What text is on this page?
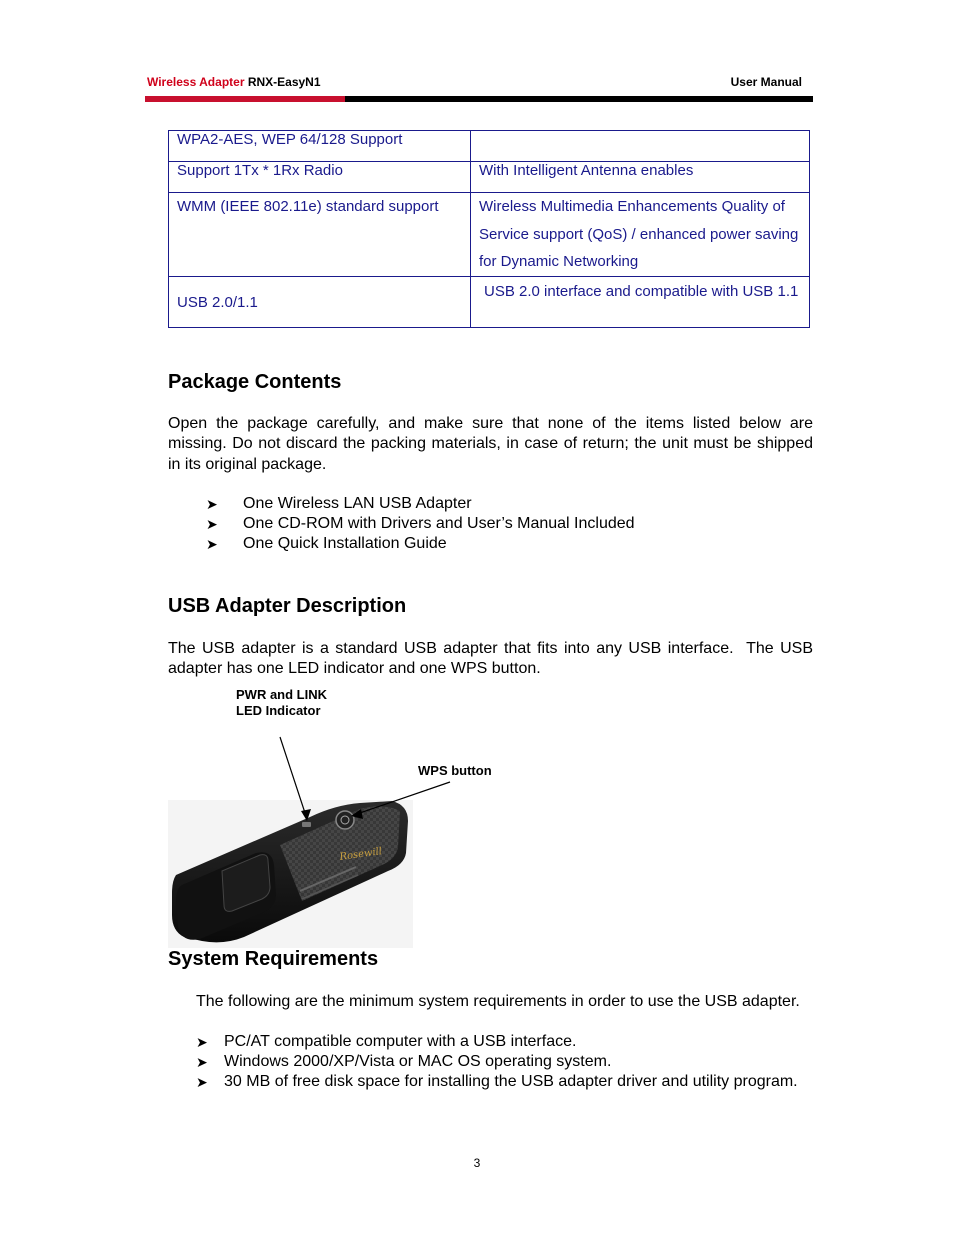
Wireless Adapter RNX-EasyN1	User Manual
WPA2-AES, WEP 64/128 Support	
Support 1Tx * 1Rx Radio	With Intelligent Antenna enables
WMM (IEEE 802.11e) standard support	Wireless Multimedia Enhancements Quality of Service support (QoS) / enhanced power saving for Dynamic Networking
USB 2.0/1.1	USB 2.0 interface and compatible with USB 1.1
Package Contents

Open the package carefully, and make sure that none of the items listed below are missing. Do not discard the packing materials, in case of return; the unit must be shipped in its original package.

➤ One Wireless LAN USB Adapter
➤ One CD-ROM with Drivers and User’s Manual Included
➤ One Quick Installation Guide
USB Adapter Description

The USB adapter is a standard USB adapter that fits into any USB interface.  The USB adapter has one LED indicator and one WPS button.

PWR and LINK
LED Indicator
WPS button
Rosewill
System Requirements

The following are the minimum system requirements in order to use the USB adapter.

➤ PC/AT compatible computer with a USB interface.
➤ Windows 2000/XP/Vista or MAC OS operating system.
➤ 30 MB of free disk space for installing the USB adapter driver and utility program.
3
